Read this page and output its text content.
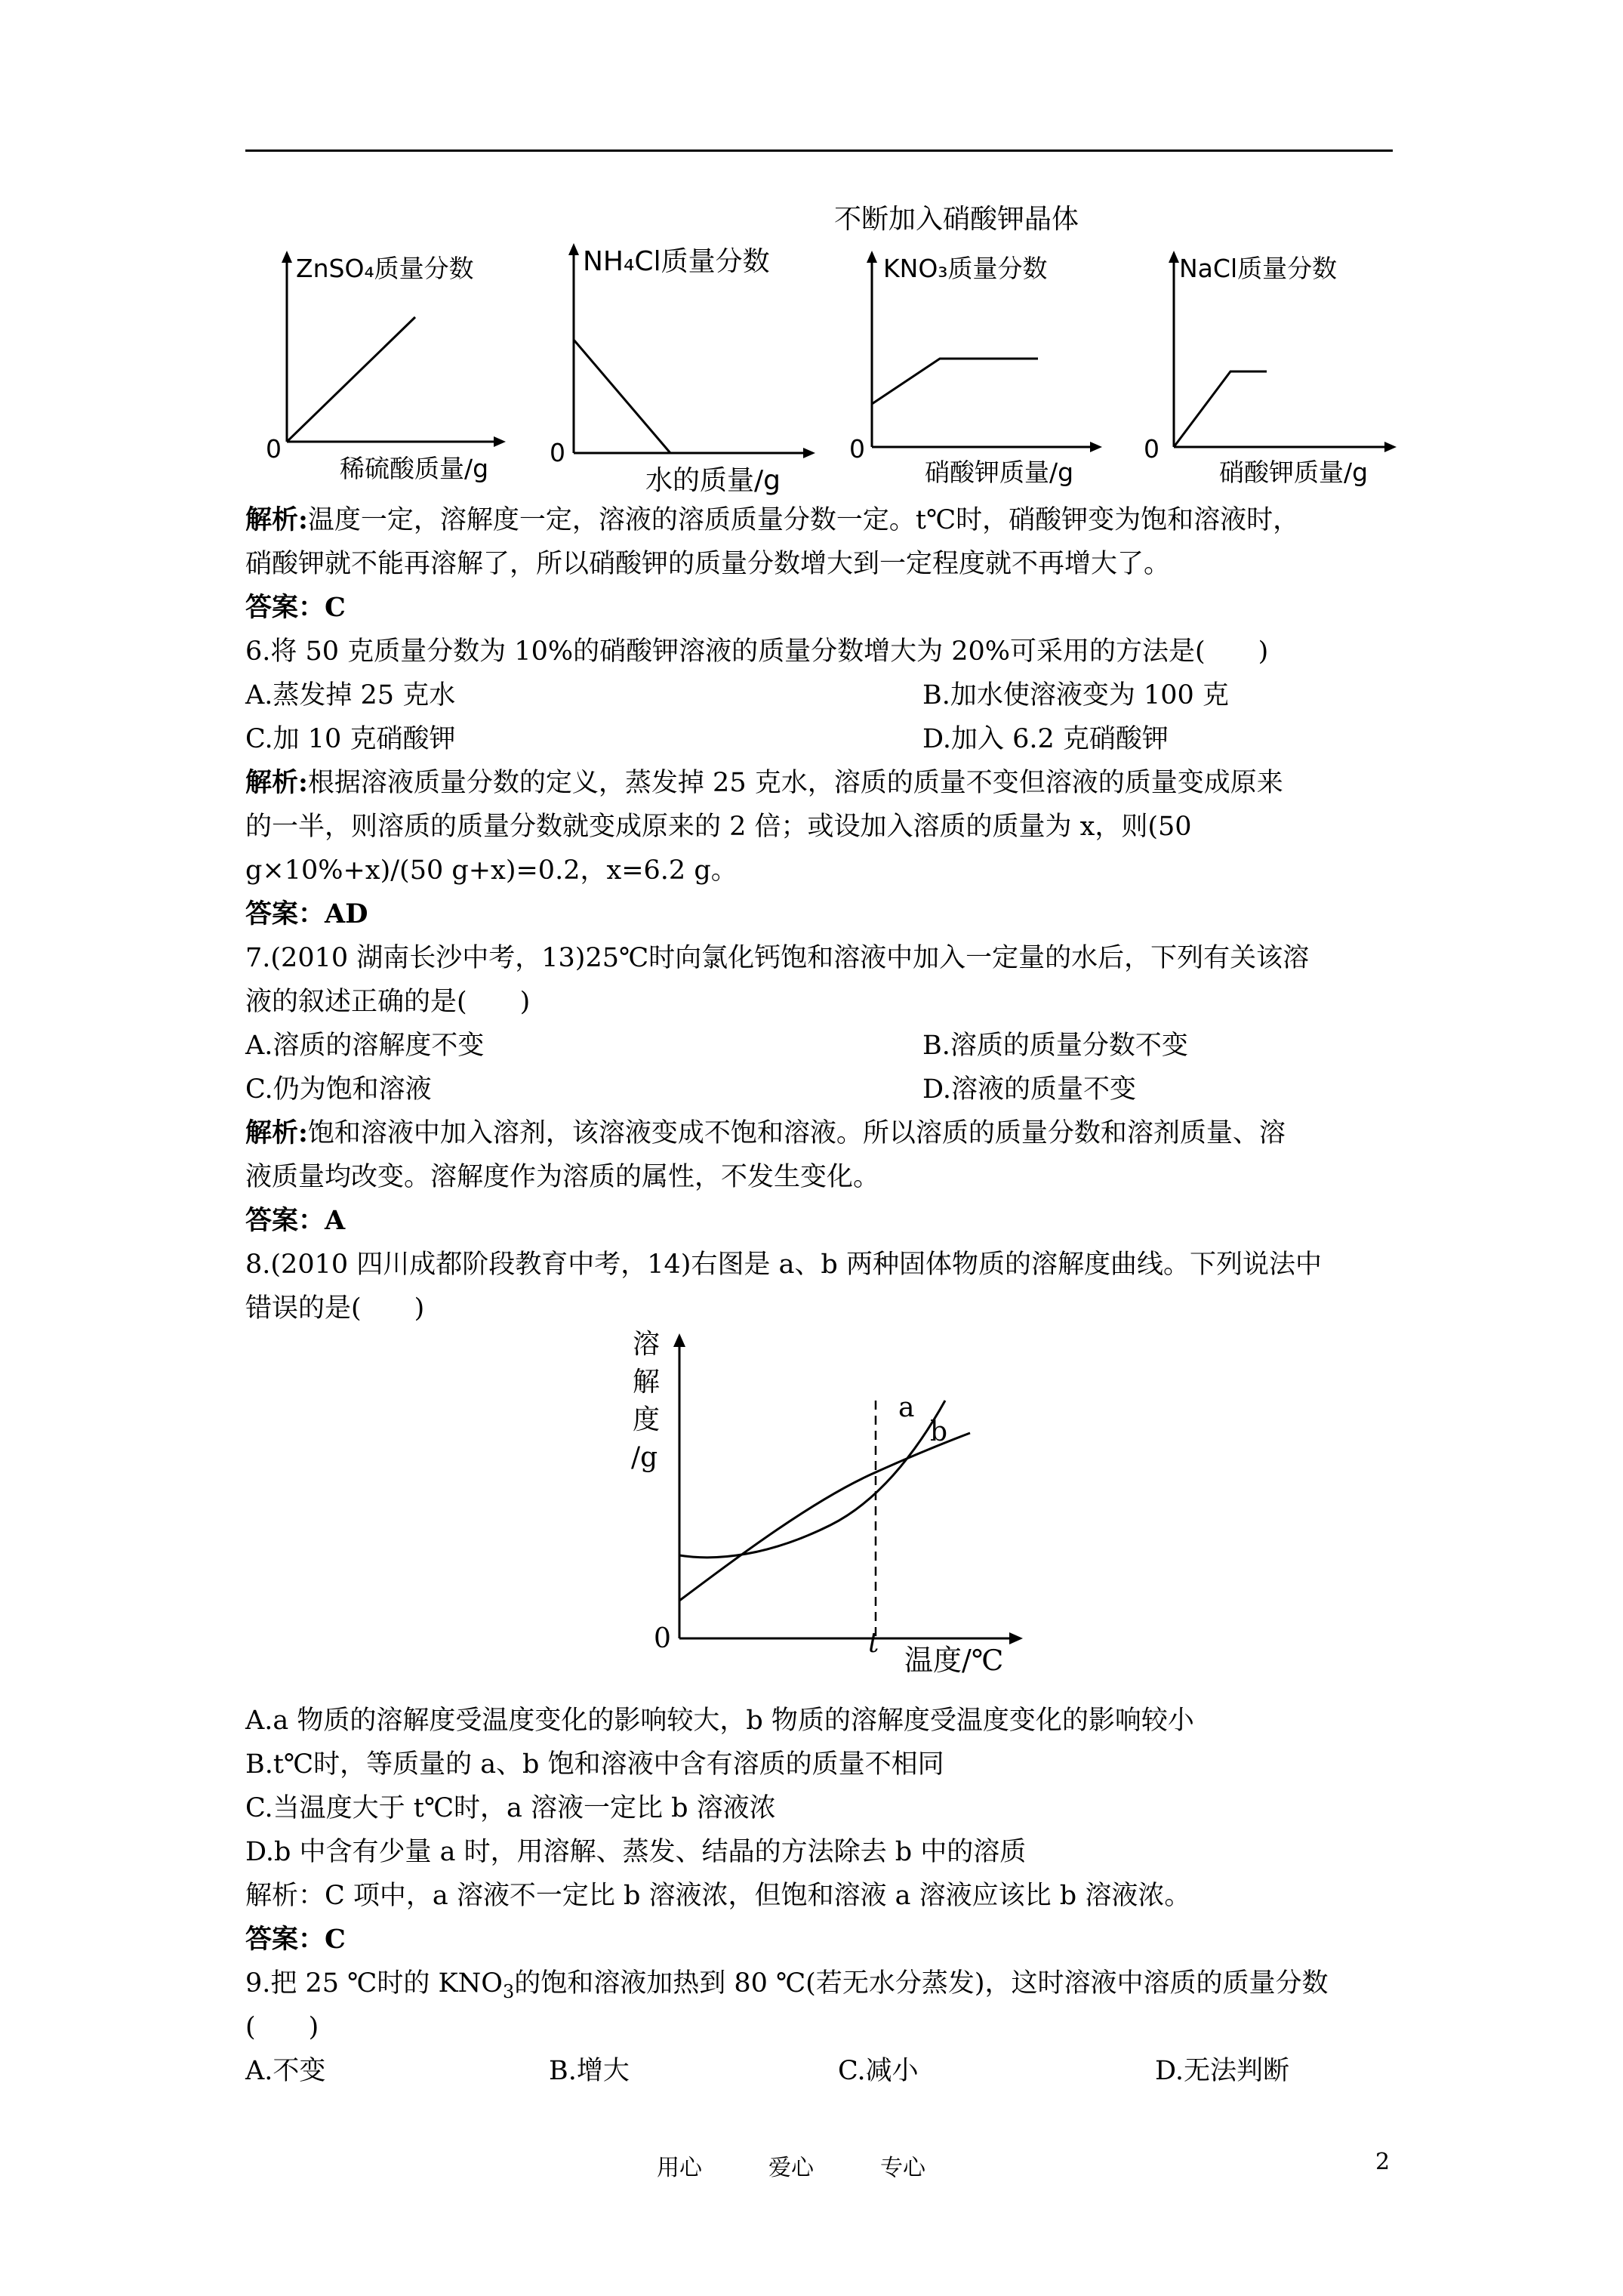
不断加入硝酸钾晶体
ZnSO₄质量分数
0
稀硫酸质量/g
NH₄Cl质量分数
0
水的质量/g
KNO₃质量分数
0
硝酸钾质量/g
NaCl质量分数
0
硝酸钾质量/g
解析:温度一定，溶解度一定，溶液的溶质质量分数一定。t℃时，硝酸钾变为饱和溶液时，
硝酸钾就不能再溶解了，所以硝酸钾的质量分数增大到一定程度就不再增大了。
答案：C
6.将 50 克质量分数为 10%的硝酸钾溶液的质量分数增大为 20%可采用的方法是(　　)
A.蒸发掉 25 克水	B.加水使溶液变为 100 克
C.加 10 克硝酸钾	D.加入 6.2 克硝酸钾
解析:根据溶液质量分数的定义，蒸发掉 25 克水，溶质的质量不变但溶液的质量变成原来
的一半，则溶质的质量分数就变成原来的 2 倍；或设加入溶质的质量为 x，则(50
g×10%+x)/(50 g+x)=0.2，x=6.2 g。
答案：AD
7.(2010 湖南长沙中考，13)25℃时向氯化钙饱和溶液中加入一定量的水后，下列有关该溶
液的叙述正确的是(　　)
A.溶质的溶解度不变	B.溶质的质量分数不变
C.仍为饱和溶液	D.溶液的质量不变
解析:饱和溶液中加入溶剂，该溶液变成不饱和溶液。所以溶质的质量分数和溶剂质量、溶
液质量均改变。溶解度作为溶质的属性，不发生变化。
答案：A
8.(2010 四川成都阶段教育中考，14)右图是 a、b 两种固体物质的溶解度曲线。下列说法中
错误的是(　　)
溶
解
度
/g
0	t
温度/℃
a
b
A.a 物质的溶解度受温度变化的影响较大，b 物质的溶解度受温度变化的影响较小
B.t℃时，等质量的 a、b 饱和溶液中含有溶质的质量不相同
C.当温度大于 t℃时，a 溶液一定比 b 溶液浓
D.b 中含有少量 a 时，用溶解、蒸发、结晶的方法除去 b 中的溶质
解析：C 项中，a 溶液不一定比 b 溶液浓，但饱和溶液 a 溶液应该比 b 溶液浓。
答案：C
9.把 25 ℃时的 $KNO_3$的饱和溶液加热到 80 ℃(若无水分蒸发)，这时溶液中溶质的质量分数
(　　)
A.不变	B.增大	C.减小	D.无法判断
用心	爱心	专心	2
